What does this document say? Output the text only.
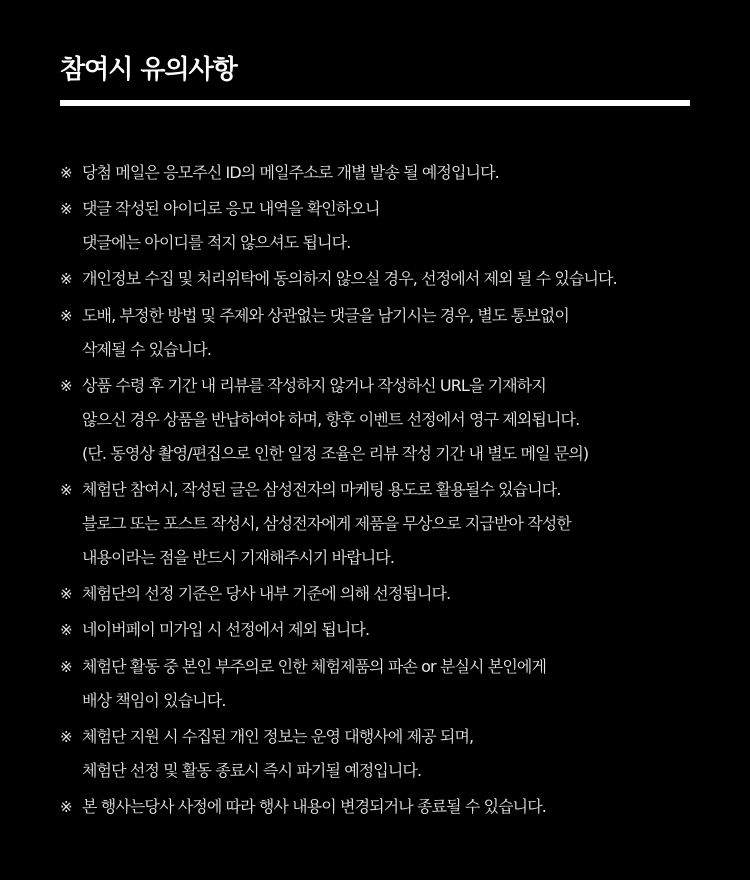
참여시 유의사항
※ 당첨 메일은 응모주신 ID의 메일주소로 개별 발송 될 예정입니다.
※ 댓글 작성된 아이디로 응모 내역을 확인하오니
댓글에는 아이디를 적지 않으셔도 됩니다.
※ 개인정보 수집 및 처리위탁에 동의하지 않으실 경우, 선정에서 제외 될 수 있습니다.
※ 도배, 부정한 방법 및 주제와 상관없는 댓글을 남기시는 경우, 별도 통보없이
삭제될 수 있습니다.
※ 상품 수령 후 기간 내 리뷰를 작성하지 않거나 작성하신 URL을 기재하지
않으신 경우 상품을 반납하여야 하며, 향후 이벤트 선정에서 영구 제외됩니다.
(단. 동영상 촬영/편집으로 인한 일정 조율은 리뷰 작성 기간 내 별도 메일 문의)
※ 체험단 참여시, 작성된 글은 삼성전자의 마케팅 용도로 활용될수 있습니다.
블로그 또는 포스트 작성시, 삼성전자에게 제품을 무상으로 지급받아 작성한
내용이라는 점을 반드시 기재해주시기 바랍니다.
※ 체험단의 선정 기준은 당사 내부 기준에 의해 선정됩니다.
※ 네이버페이 미가입 시 선정에서 제외 됩니다.
※ 체험단 활동 중 본인 부주의로 인한 체험제품의 파손 or 분실시 본인에게
배상 책임이 있습니다.
※ 체험단 지원 시 수집된 개인 정보는 운영 대행사에 제공 되며,
체험단 선정 및 활동 종료시 즉시 파기될 예정입니다.
※ 본 행사는당사 사정에 따라 행사 내용이 변경되거나 종료될 수 있습니다.
